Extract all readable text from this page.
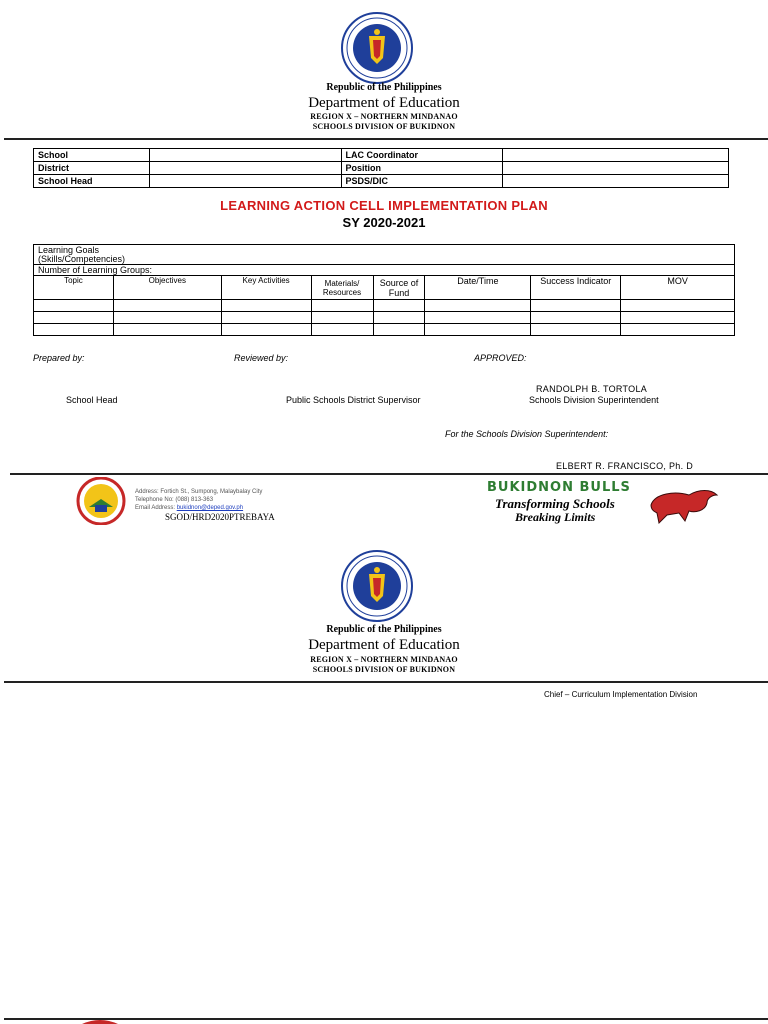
Republic of the Philippines
Department of Education
REGION X – NORTHERN MINDANAO
SCHOOLS DIVISION OF BUKIDNON
School		LAC Coordinator	
District		Position	
School Head		PSDS/DIC	
LEARNING ACTION CELL IMPLEMENTATION PLAN
SY 2020-2021
Learning Goals
(Skills/Competencies)							

Number of Learning Groups:							
Topic	Objectives	Key Activities	Materials/ Resources	Source of Fund	Date/Time	Success Indicator	MOV

Prepared by:	Reviewed by:	APPROVED:
RANDOLPH B. TORTOLA
School Head	Public Schools District Supervisor	Schools Division Superintendent
For the Schools Division Superintendent:
ELBERT R. FRANCISCO, Ph. D
Address: Fortich St., Sumpong, Malaybalay City
Telephone No: (088) 813-363
Email Address: bukidnon@deped.gov.ph
SGOD/HRD2020PTREBAYA
BUKIDNON BULLS
Transforming Schools
Breaking Limits
Republic of the Philippines
Department of Education
REGION X – NORTHERN MINDANAO
SCHOOLS DIVISION OF BUKIDNON
Chief – Curriculum Implementation Division
